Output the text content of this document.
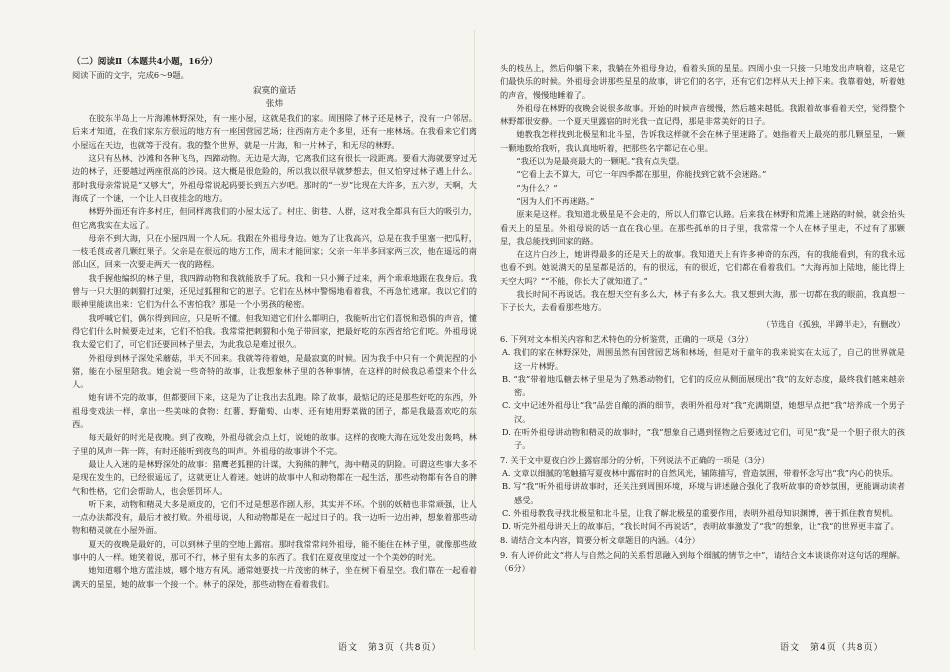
（二）阅读Ⅱ（本题共4小题，16分）

阅读下面的文字，完成6～9题。

寂寞的童话

张炜

在胶东半岛上一片海滩林野深处，有一座小屋，这就是我们的家。周围除了林子还是林子，没有一户邻居。后来才知道，在我们家东方很远的地方有一座国营园艺场；往西南方走个多里，还有一座林场。在我看来它们离小屋远在天边，也就等于没有。我的整个世界，就是一片海，和一片林子，和无尽的林野。

这只有丛林、沙滩和各种飞鸟，四蹄动物。无边是大海，它离我们这有很长一段距离。要看大海就要穿过无边的林子，还要越过两座很高的沙岗。这大概是很危险的，所以我以很早就梦想去，但又怕穿过林子遇上什么。那时我母亲常说是“又够大”，外祖母常说起码要长到五六岁吧。那时的“一岁”比现在大许多，五六岁，天啊，大海成了一个谜，一个让人日夜挂念的地方。

林野外面还有许多村庄，但同样离我们的小屋太远了。村庄、街巷、人群，这对我全都具有巨大的吸引力，但它离我实在太远了。

母亲不到大海，只在小屋四周一个人玩。我跟在外祖母身边。她为了让我高兴，总是在我手里塞一把瓜籽，一枝毛茛或者几颗红果子。父亲是在很远的地方工作，周末才能回家；父亲一年半多回家两三次，他在遥远的南部山区，回来一次要走两天一夜的路程。

我手握他编织的林子里，我四蹄动物和我就能放手了玩。我和一只小狮子过来，两个乖乖地跟在我身后。我曾与一只大胆的刺猬打过架，还见过狐狸和它的崽子。它们在丛林中警惕地看着我，不再急忙逃窜。我以它们的眼神里能读出来：它们为什么不害怕我？那是一个小男孩的秘密。

我呼喊它们，偶尔得到回应，只是听不懂。但我知道它们什么都明白，我能听出它们喜悦和恐惧的声音，懂得它们什么时候要走过来，它们不怕我。我常常把刺猬和小兔子带回家，把最好吃的东西省给它们吃。外祖母说我太爱它们了，可它们还要回林子里去，为此我总是难过很久。

外祖母到林子深处采蘑菇，半天不回来。我就等待着她，是最寂寞的时候。因为我手中只有一个黄泥捏的小猪，能在小屋里陪我。她会说一些奇特的故事，让我想象林子里的各种事情，在这样的时候我总希望来个什么人。

她有讲不完的故事，但都要回下来，这是为了让我出去乱跑。除了故事，最惦记的还是那些好吃的东西，外祖母变戏法一样，拿出一些美味的食物：红薯、野葡萄、山枣、还有她用野菜做的团子，都是我最喜欢吃的东西。

每天最好的时光是夜晚。到了夜晚，外祖母就会点上灯，说她的故事。这样的夜晚大海在远处发出轰鸣，林子里的风声一阵一阵，有时还能听到夜鸟的叫声。外祖母的故事讲个不完。

最让人入迷的是林野深处的故事：猎鹰老狐狸的计谋，大狗熊的脾气，海中精灵的阴险。可谓这些事大多不是现在发生的，已经很遥远了，这就更让人着迷。她讲的故事中人和动物都在一起生活，那些动物都有各自的脾气和性格，它们会帮助人，也会惩罚坏人。

听下来，动物和精灵大多是顽皮的，它们不过是想恶作剧人形，其实并不坏。个别的妖精也非常顽强，让人一点办法都没有，最后才被打败。外祖母说，人和动物都是在一起过日子的。我一边听一边出神，想象着那些动物和精灵就在小屋外面。

夏天的夜晚是最好的，可以到林子里的空地上露宿。那时我常常问外祖母，能不能住在林子里，就像那些故事中的人一样。她笑着说，那可不行，林子里有太多的东西了。我们在夏夜里度过一个个美妙的时光。

她知道哪个地方蓝洼坡，哪个地方有风。通常她要找一片茂密的林子，坐在树下看星空。我们靠在一起看着满天的星星，她的故事一个接一个。林子的深处，那些动物在看着我们。

头的枝丛上，然后仰躺下来，我躺在外祖母身边，看着头顶的星星。四周小虫一只接一只地发出声响着，这是它们最快乐的时候。外祖母会讲那些星星的故事，讲它们的名字，还有它们怎样从天上掉下来。我靠着她，听着她的声音，慢慢地睡着了。

外祖母在林野的夜晚会说很多故事。开始的时候声音缓慢，然后越来越低。我跟着故事看着天空，觉得整个林野都很安静。一个夏天里露宿的时光我一直记得，那是非常美好的日子。

她教我怎样找到北极星和北斗星，告诉我这样就不会在林子里迷路了。她指着天上最亮的那几颗星星，一颗一颗地数给我听，我认真地听着，把那些名字都记在心里。

“我还以为是最亮最大的一颗呢。”我有点失望。

“它看上去不算大，可它一年四季都在那里，你能找到它就不会迷路。”

“为什么？”

“因为人们不再迷路。”

原来是这样。我知道北极星是不会走的，所以人们靠它认路。后来我在林野和荒滩上迷路的时候，就会抬头看天上的星星。外祖母说的话一直在我心里。在那些孤单的日子里，我常常一个人在林子里走，不过有了那颗星，我总能找到回家的路。

在这片白沙上，她讲得最多的还是天上的故事。我知道天上有许多神奇的东西，有的我能看到，有的我永远也看不到。她说满天的星星都是活的，有的很远，有的很近，它们都在看着我们。“大海再加上陆地，能比得上天空大吗？”“不能，你长大了就知道了。”

我长时间不再说话。我在想天空有多么大，林子有多么大。我又想到大海，那一切都在我的眼前，我真想一下子长大，去看看那些地方。

（节选自《孤独，半蹲半走》，有删改）

6. 下列对文本相关内容和艺术特色的分析鉴赏，正确的一项是（3分）

A. 我们的家在林野深处，周围虽然有国营园艺场和林场，但是对于童年的我来说实在太远了，自己的世界就是这一片林野。

B. “我”带着地瓜糖去林子里是为了熟悉动物们，它们的反应从侧面展现出“我”的友好态度，最终我们越来越亲密。

C. 文中记述外祖母让“我”品尝自酿的酒的细节，表明外祖母对“我”充满期望，她想早点把“我”培养成一个男子汉。

D. 在听外祖母讲动物和精灵的故事时，“我”想象自己遇到怪物之后要逃过它们，可见“我”是一个胆子很大的孩子。

7. 关于文中夏夜白沙上露宿部分的分析，下列说法不正确的一项是（3分）

A. 文章以细腻的笔触描写夏夜林中露宿时的自然风光，铺陈描写，营造氛围，带着怀念写出“我”内心的快乐。

B. 写“我”听外祖母讲故事时，还关注到周围环境，环境与讲述融合强化了我听故事的奇妙氛围，更能调动读者感受。

C. 外祖母教我寻找北极星和北斗星，让我了解北极星的重要作用，表明外祖母知识渊博，善于抓住教育契机。

D. 听完外祖母讲天上的故事后，“我长时间不再说话”，表明故事激发了“我”的想象，让“我”的世界更丰富了。

8. 请结合文本内容，简要分析文章题目的内涵。（4分）

9. 有人评价此文“将人与自然之间的关系哲思融入到每个细腻的情节之中”，请结合文本谈谈你对这句话的理解。（6分）

语文　第3页（共8页）	语文　第4页（共8页）
